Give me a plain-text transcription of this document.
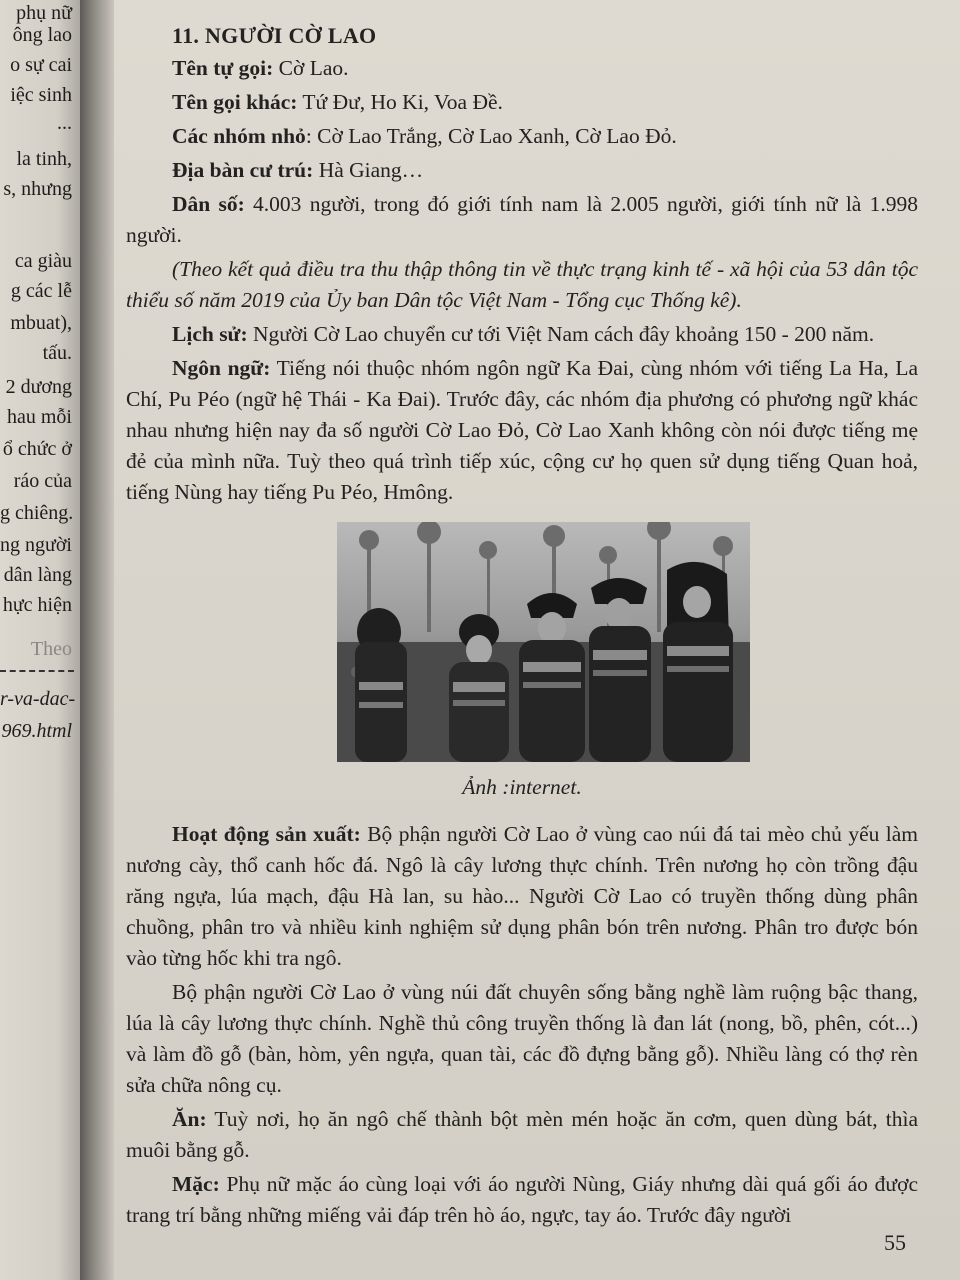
phụ nữ
ông lao
o sự cai
iệc sinh
...
la tinh,
s, nhưng
ca giàu
g các lễ
mbuat),
tấu.
2 dương
hau mỗi
ổ chức ở
ráo của
g chiêng.
ng người
dân làng
hực hiện
Theo
r-va-dac-
969.html
11. NGƯỜI CỜ LAO

Tên tự gọi: Cờ Lao.

Tên gọi khác: Tứ Đư, Ho Ki, Voa Đề.

Các nhóm nhỏ: Cờ Lao Trắng, Cờ Lao Xanh, Cờ Lao Đỏ.

Địa bàn cư trú: Hà Giang…

Dân số: 4.003 người, trong đó giới tính nam là 2.005 người, giới tính nữ là 1.998 người.

(Theo kết quả điều tra thu thập thông tin về thực trạng kinh tế - xã hội của 53 dân tộc thiểu số năm 2019 của Ủy ban Dân tộc Việt Nam - Tổng cục Thống kê).

Lịch sử: Người Cờ Lao chuyển cư tới Việt Nam cách đây khoảng 150 - 200 năm.

Ngôn ngữ: Tiếng nói thuộc nhóm ngôn ngữ Ka Đai, cùng nhóm với tiếng La Ha, La Chí, Pu Péo (ngữ hệ Thái - Ka Đai). Trước đây, các nhóm địa phương có phương ngữ khác nhau nhưng hiện nay đa số người Cờ Lao Đỏ, Cờ Lao Xanh không còn nói được tiếng mẹ đẻ của mình nữa. Tuỳ theo quá trình tiếp xúc, cộng cư họ quen sử dụng tiếng Quan hoả, tiếng Nùng hay tiếng Pu Péo, Hmông.

Ảnh :internet.

Hoạt động sản xuất: Bộ phận người Cờ Lao ở vùng cao núi đá tai mèo chủ yếu làm nương cày, thổ canh hốc đá. Ngô là cây lương thực chính. Trên nương họ còn trồng đậu răng ngựa, lúa mạch, đậu Hà lan, su hào... Người Cờ Lao có truyền thống dùng phân chuồng, phân tro và nhiều kinh nghiệm sử dụng phân bón trên nương. Phân tro được bón vào từng hốc khi tra ngô.

Bộ phận người Cờ Lao ở vùng núi đất chuyên sống bằng nghề làm ruộng bậc thang, lúa là cây lương thực chính. Nghề thủ công truyền thống là đan lát (nong, bồ, phên, cót...) và làm đồ gỗ (bàn, hòm, yên ngựa, quan tài, các đồ đựng bằng gỗ). Nhiều làng có thợ rèn sửa chữa nông cụ.

Ăn: Tuỳ nơi, họ ăn ngô chế thành bột mèn mén hoặc ăn cơm, quen dùng bát, thìa muôi bằng gỗ.

Mặc: Phụ nữ mặc áo cùng loại với áo người Nùng, Giáy nhưng dài quá gối áo được trang trí bằng những miếng vải đáp trên hò áo, ngực, tay áo. Trước đây người

55
